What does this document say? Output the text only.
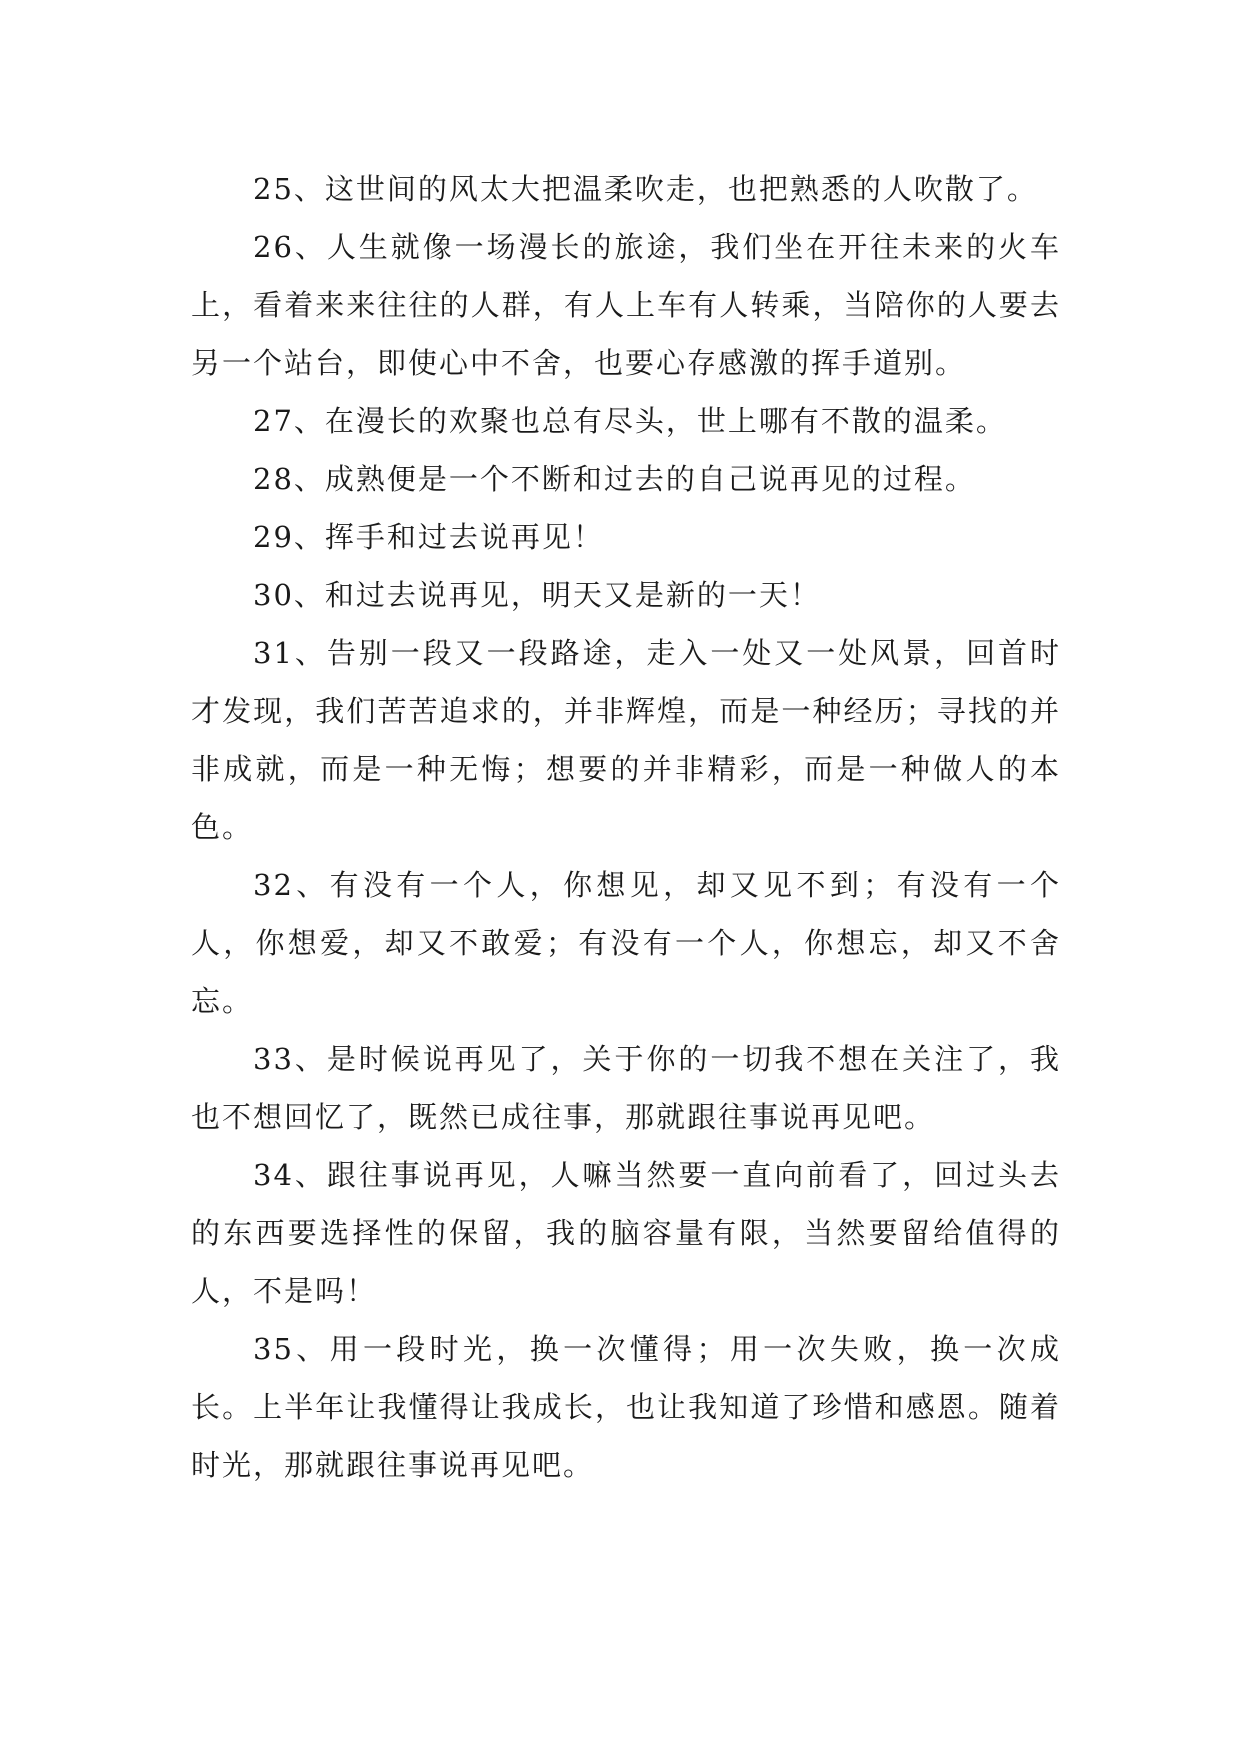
25、这世间的风太大把温柔吹走，也把熟悉的人吹散了。

26、人生就像一场漫长的旅途，我们坐在开往未来的火车上，看着来来往往的人群，有人上车有人转乘，当陪你的人要去另一个站台，即使心中不舍，也要心存感激的挥手道别。

27、在漫长的欢聚也总有尽头，世上哪有不散的温柔。

28、成熟便是一个不断和过去的自己说再见的过程。

29、挥手和过去说再见！

30、和过去说再见，明天又是新的一天！

31、告别一段又一段路途，走入一处又一处风景，回首时才发现，我们苦苦追求的，并非辉煌，而是一种经历；寻找的并非成就，而是一种无悔；想要的并非精彩，而是一种做人的本色。

32、有没有一个人，你想见，却又见不到；有没有一个人，你想爱，却又不敢爱；有没有一个人，你想忘，却又不舍忘。

33、是时候说再见了，关于你的一切我不想在关注了，我也不想回忆了，既然已成往事，那就跟往事说再见吧。

34、跟往事说再见，人嘛当然要一直向前看了，回过头去的东西要选择性的保留，我的脑容量有限，当然要留给值得的人，不是吗！

35、用一段时光，换一次懂得；用一次失败，换一次成长。上半年让我懂得让我成长，也让我知道了珍惜和感恩。随着时光，那就跟往事说再见吧。
